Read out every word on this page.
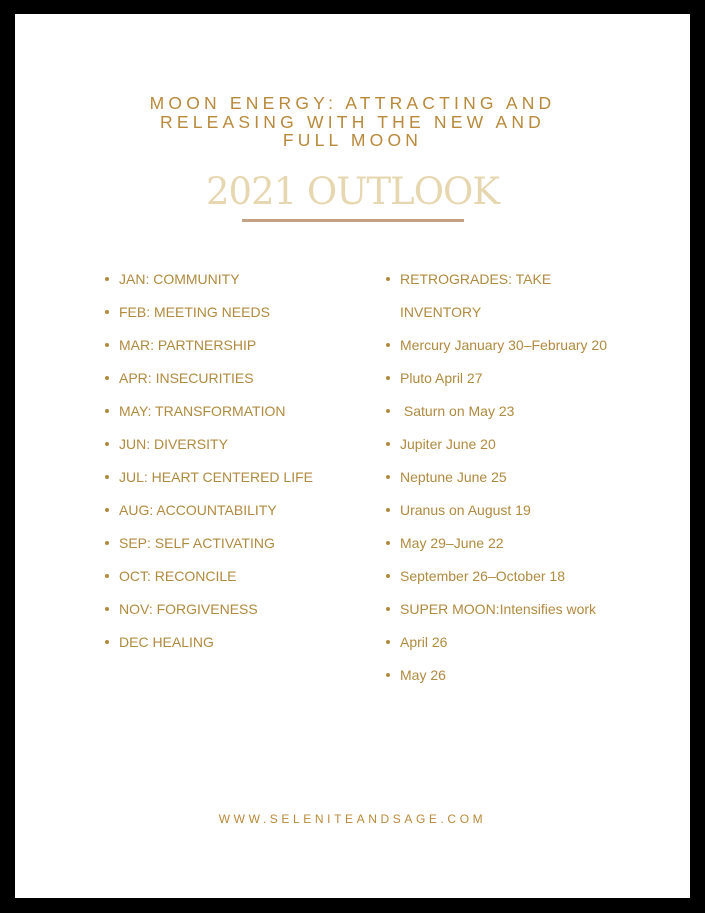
MOON ENERGY: ATTRACTING AND
RELEASING WITH THE NEW AND
FULL MOON
2021 OUTLOOK
JAN: COMMUNITY
FEB: MEETING NEEDS
MAR: PARTNERSHIP
APR: INSECURITIES
MAY: TRANSFORMATION
JUN: DIVERSITY
JUL: HEART CENTERED LIFE
AUG: ACCOUNTABILITY
SEP: SELF ACTIVATING
OCT: RECONCILE
NOV: FORGIVENESS
DEC HEALING
RETROGRADES: TAKE
INVENTORY
Mercury January 30–February 20
Pluto April 27
Saturn on May 23
Jupiter June 20
Neptune June 25
Uranus on August 19
May 29–June 22
September 26–October 18
SUPER MOON:Intensifies work
April 26
May 26
WWW.SELENITEANDSAGE.COM
